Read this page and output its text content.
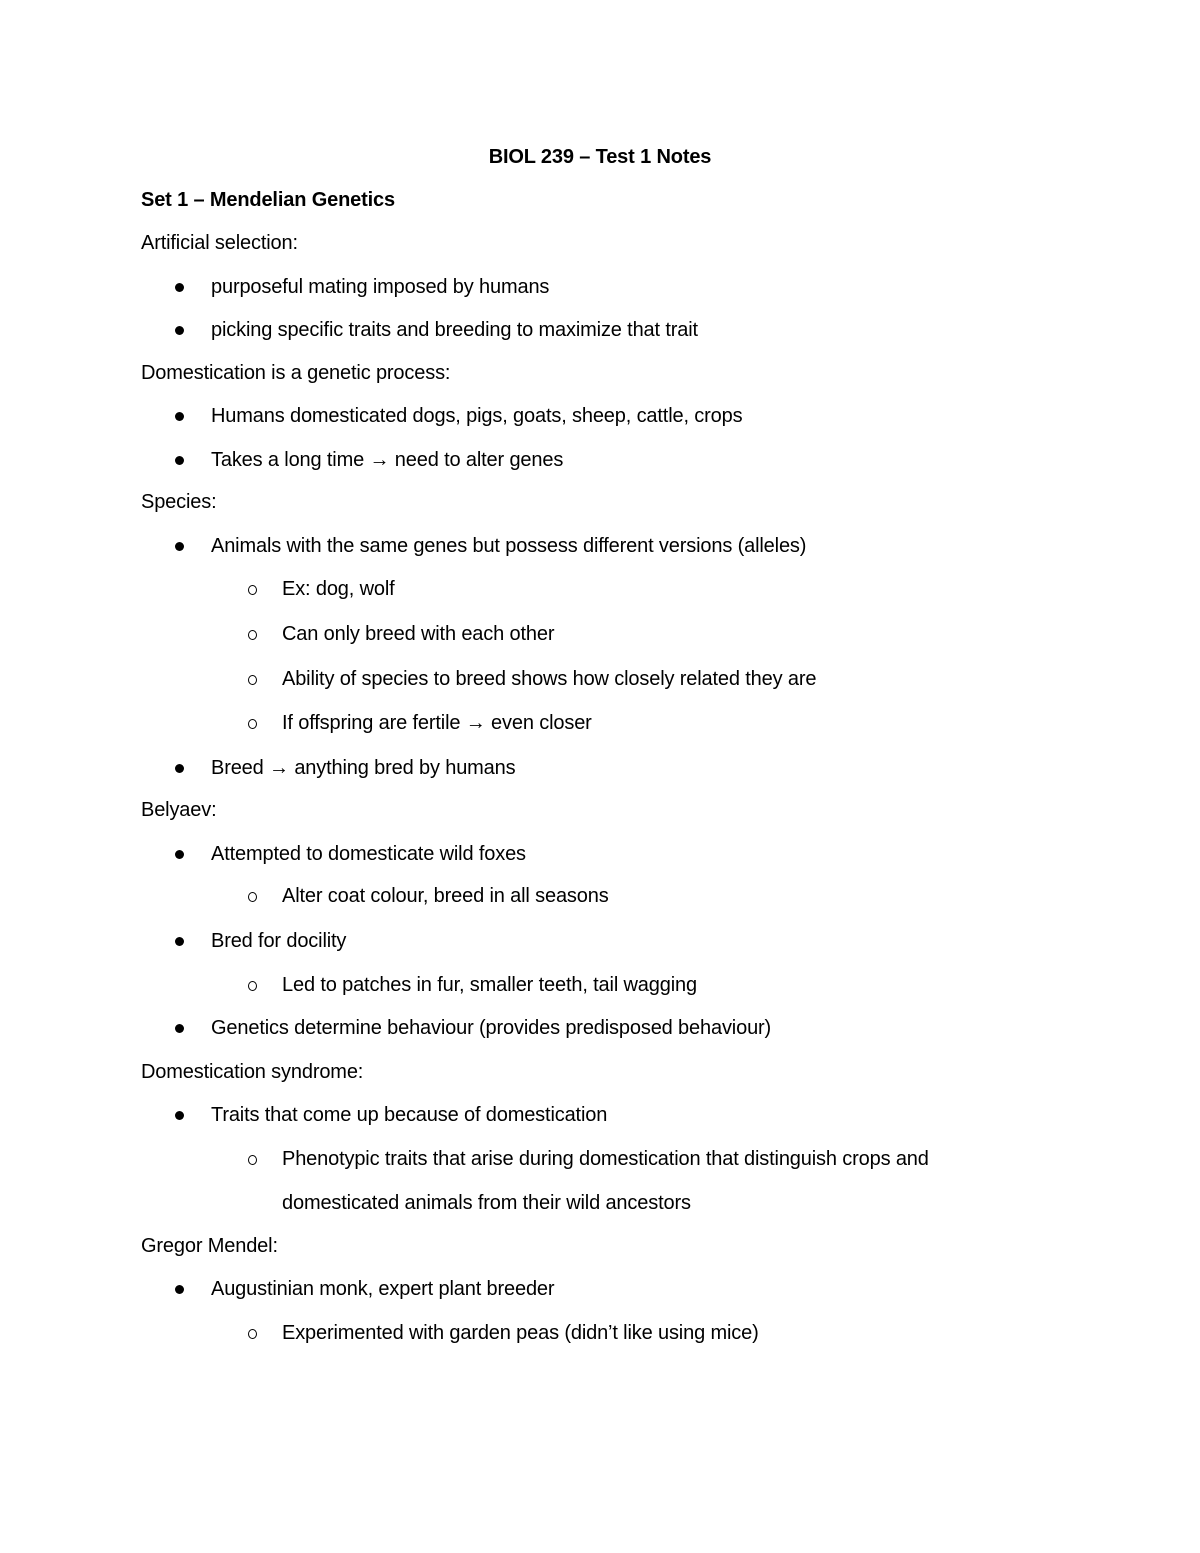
BIOL 239 – Test 1 Notes
Set 1 – Mendelian Genetics
Artificial selection:
purposeful mating imposed by humans
picking specific traits and breeding to maximize that trait
Domestication is a genetic process:
Humans domesticated dogs, pigs, goats, sheep, cattle, crops
Takes a long time → need to alter genes
Species:
Animals with the same genes but possess different versions (alleles)
Ex: dog, wolf
Can only breed with each other
Ability of species to breed shows how closely related they are
If offspring are fertile → even closer
Breed → anything bred by humans
Belyaev:
Attempted to domesticate wild foxes
Alter coat colour, breed in all seasons
Bred for docility
Led to patches in fur, smaller teeth, tail wagging
Genetics determine behaviour (provides predisposed behaviour)
Domestication syndrome:
Traits that come up because of domestication
Phenotypic traits that arise during domestication that distinguish crops and
domesticated animals from their wild ancestors
Gregor Mendel:
Augustinian monk, expert plant breeder
Experimented with garden peas (didn’t like using mice)
